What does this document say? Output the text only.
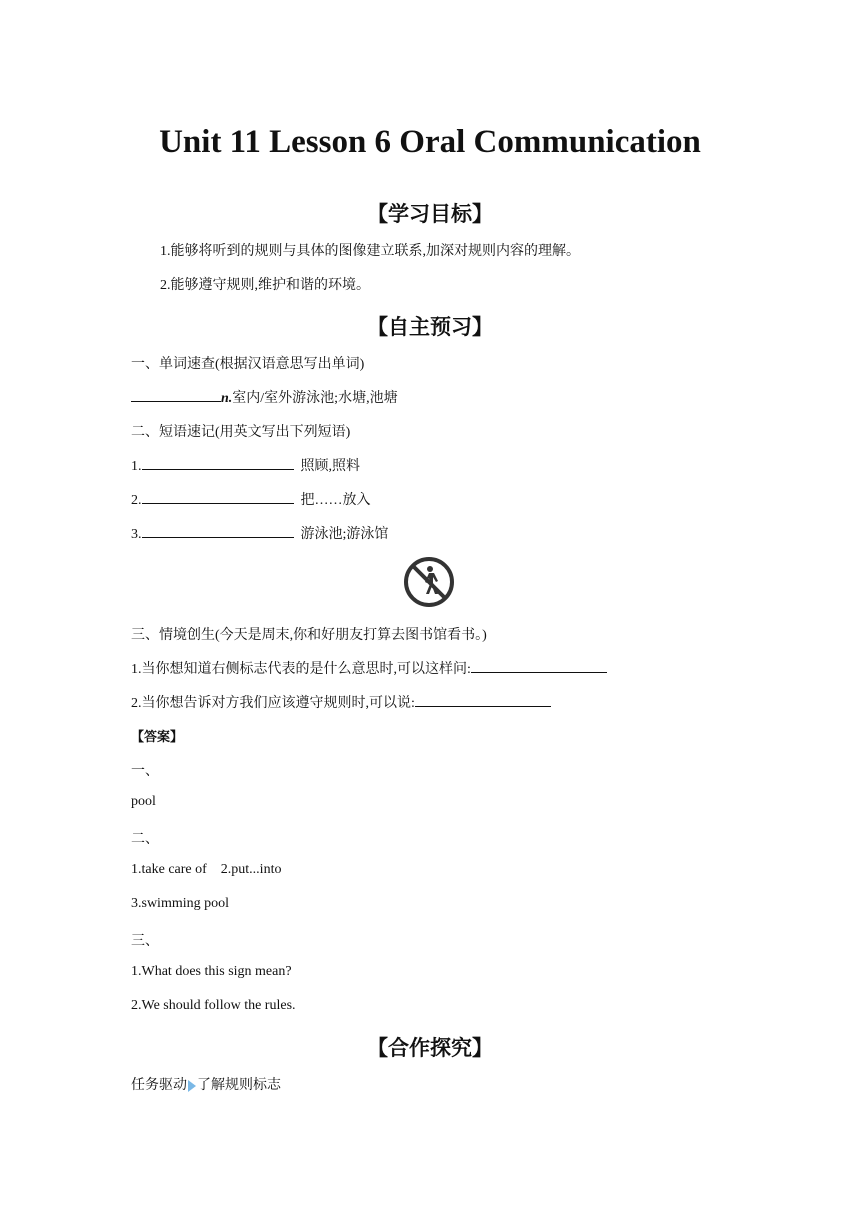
Unit 11 Lesson 6 Oral Communication
【学习目标】
1.能够将听到的规则与具体的图像建立联系,加深对规则内容的理解。
2.能够遵守规则,维护和谐的环境。
【自主预习】
一、单词速查(根据汉语意思写出单词)
n.室内/室外游泳池;水塘,池塘
二、短语速记(用英文写出下列短语)
1.	照顾,照料
2.	把……放入
3.	游泳池;游泳馆
三、情境创生(今天是周末,你和好朋友打算去图书馆看书。)
1.当你想知道右侧标志代表的是什么意思时,可以这样问:
2.当你想告诉对方我们应该遵守规则时,可以说:
【答案】
一、
pool
二、
1.take care of    2.put...into
3.swimming pool
三、
1.What does this sign mean?
2.We should follow the rules.
【合作探究】
任务驱动 了解规则标志
